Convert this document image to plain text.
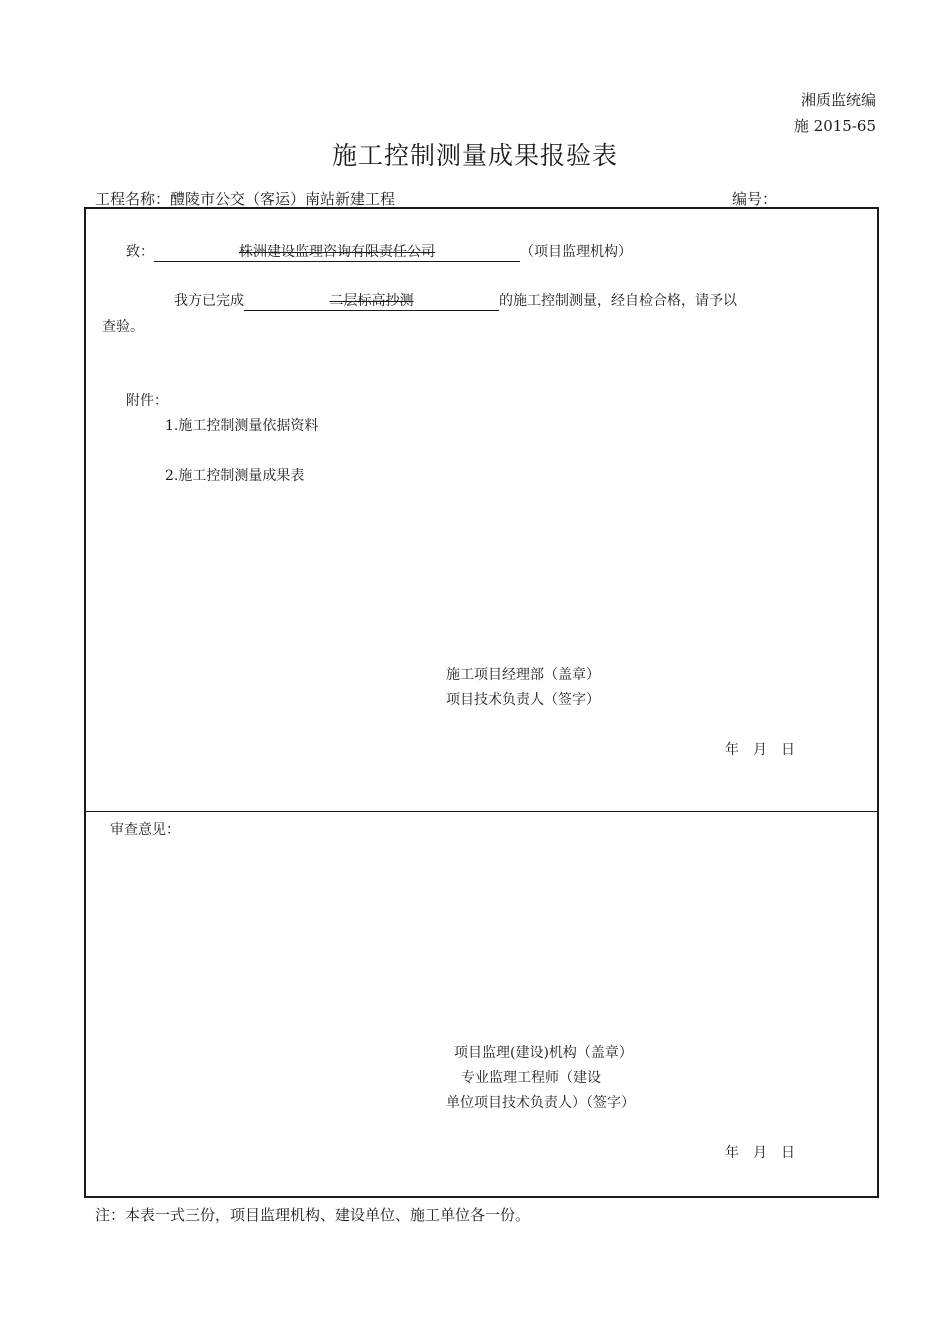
湘质监统编
施 2015-65
施工控制测量成果报验表
工程名称：醴陵市公交（客运）南站新建工程	编号：
致：	株洲建设监理咨询有限责任公司	（项目监理机构）
我方已完成	二层标高抄测	的施工控制测量，经自检合格，请予以
查验。
附件：
1.施工控制测量依据资料
2.施工控制测量成果表
施工项目经理部（盖章）
项目技术负责人（签字）
年　月　日
审查意见：
项目监理(建设)机构（盖章）
专业监理工程师（建设
单位项目技术负责人）（签字）
年　月　日
注：本表一式三份，项目监理机构、建设单位、施工单位各一份。
